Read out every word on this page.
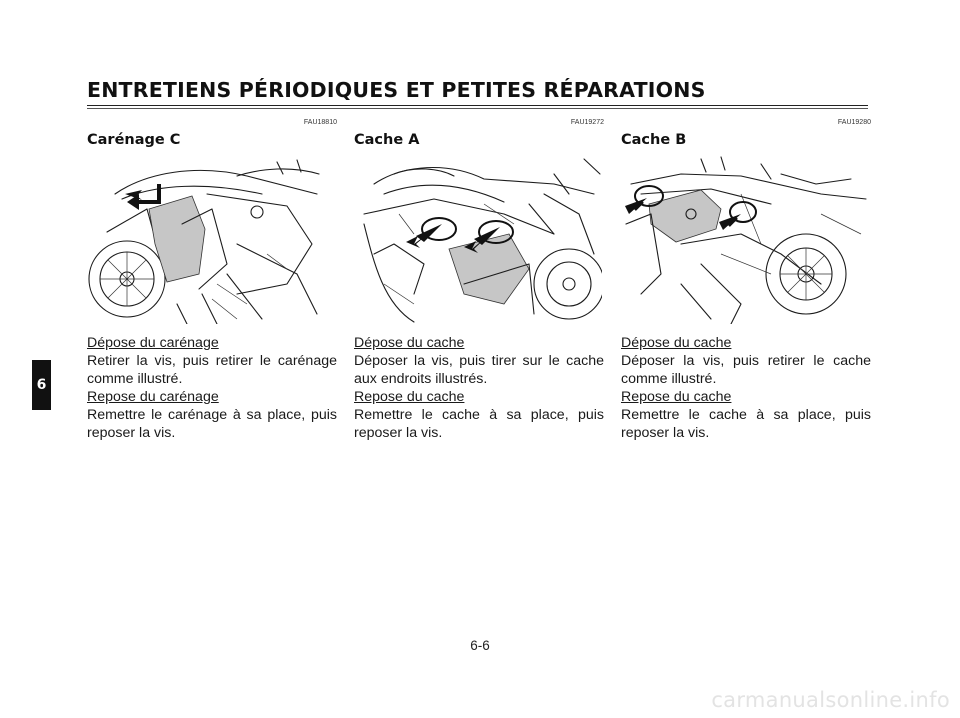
ENTRETIENS PÉRIODIQUES ET PETITES RÉPARATIONS
FAU18810
Carénage C
Dépose du carénage
Retirer la vis, puis retirer le carénage comme illustré.
Repose du carénage
Remettre le carénage à sa place, puis reposer la vis.
FAU19272
Cache A
Dépose du cache
Déposer la vis, puis tirer sur le cache aux endroits illustrés.
Repose du cache
Remettre le cache à sa place, puis reposer la vis.
FAU19280
Cache B
Dépose du cache
Déposer la vis, puis retirer le cache comme illustré.
Repose du cache
Remettre le cache à sa place, puis reposer la vis.
6
6-6
carmanualsonline.info
